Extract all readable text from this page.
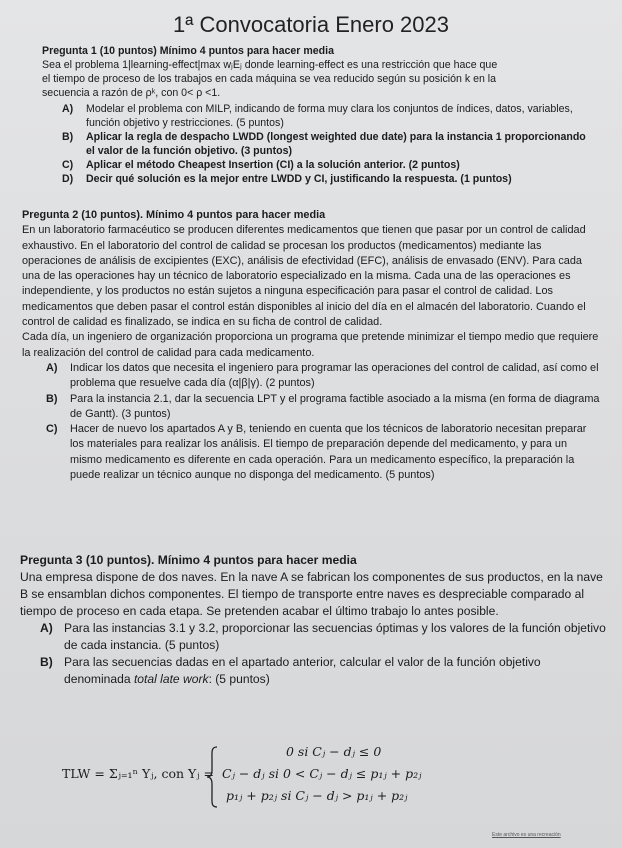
1ª Convocatoria Enero 2023
Pregunta 1 (10 puntos) Mínimo 4 puntos para hacer media
Sea el problema 1|learning-effect|max wⱼEⱼ donde learning-effect es una restricción que hace que
el tiempo de proceso de los trabajos en cada máquina se vea reducido según su posición k en la
secuencia a razón de ρᵏ, con 0< ρ <1.
A) Modelar el problema con MILP, indicando de forma muy clara los conjuntos de índices, datos, variables, función objetivo y restricciones. (5 puntos)
B) Aplicar la regla de despacho LWDD (longest weighted due date) para la instancia 1 proporcionando el valor de la función objetivo. (3 puntos)
C) Aplicar el método Cheapest Insertion (CI) a la solución anterior. (2 puntos)
D) Decir qué solución es la mejor entre LWDD y CI, justificando la respuesta. (1 puntos)
Pregunta 2 (10 puntos). Mínimo 4 puntos para hacer media
En un laboratorio farmacéutico se producen diferentes medicamentos que tienen que pasar por un control de calidad exhaustivo. En el laboratorio del control de calidad se procesan los productos (medicamentos) mediante las operaciones de análisis de excipientes (EXC), análisis de efectividad (EFC), análisis de envasado (ENV). Para cada una de las operaciones hay un técnico de laboratorio especializado en la misma. Cada una de las operaciones es independiente, y los productos no están sujetos a ninguna especificación para pasar el control de calidad. Los medicamentos que deben pasar el control están disponibles al inicio del día en el almacén del laboratorio. Cuando el control de calidad es finalizado, se indica en su ficha de control de calidad.
Cada día, un ingeniero de organización proporciona un programa que pretende minimizar el tiempo medio que requiere la realización del control de calidad para cada medicamento.
A) Indicar los datos que necesita el ingeniero para programar las operaciones del control de calidad, así como el problema que resuelve cada día (α|β|γ). (2 puntos)
B) Para la instancia 2.1, dar la secuencia LPT y el programa factible asociado a la misma (en forma de diagrama de Gantt). (3 puntos)
C) Hacer de nuevo los apartados A y B, teniendo en cuenta que los técnicos de laboratorio necesitan preparar los materiales para realizar los análisis. El tiempo de preparación depende del medicamento, y para un mismo medicamento es diferente en cada operación. Para un medicamento específico, la preparación la puede realizar un técnico aunque no disponga del medicamento. (5 puntos)
Pregunta 3 (10 puntos). Mínimo 4 puntos para hacer media
Una empresa dispone de dos naves. En la nave A se fabrican los componentes de sus productos, en la nave B se ensamblan dichos componentes. El tiempo de transporte entre naves es despreciable comparado al tiempo de proceso en cada etapa. Se pretenden acabar el último trabajo lo antes posible.
A) Para las instancias 3.1 y 3.2, proporcionar las secuencias óptimas y los valores de la función objetivo de cada instancia. (5 puntos)
B) Para las secuencias dadas en el apartado anterior, calcular el valor de la función objetivo denominada total late work: (5 puntos)
TLW = Σⱼ₌₁ⁿ Yⱼ, con Yⱼ =
0 si Cⱼ − dⱼ ≤ 0
Cⱼ − dⱼ si 0 < Cⱼ − dⱼ ≤ p₁ⱼ + p₂ⱼ
p₁ⱼ + p₂ⱼ si Cⱼ − dⱼ > p₁ⱼ + p₂ⱼ
Este archivo es una recreación
